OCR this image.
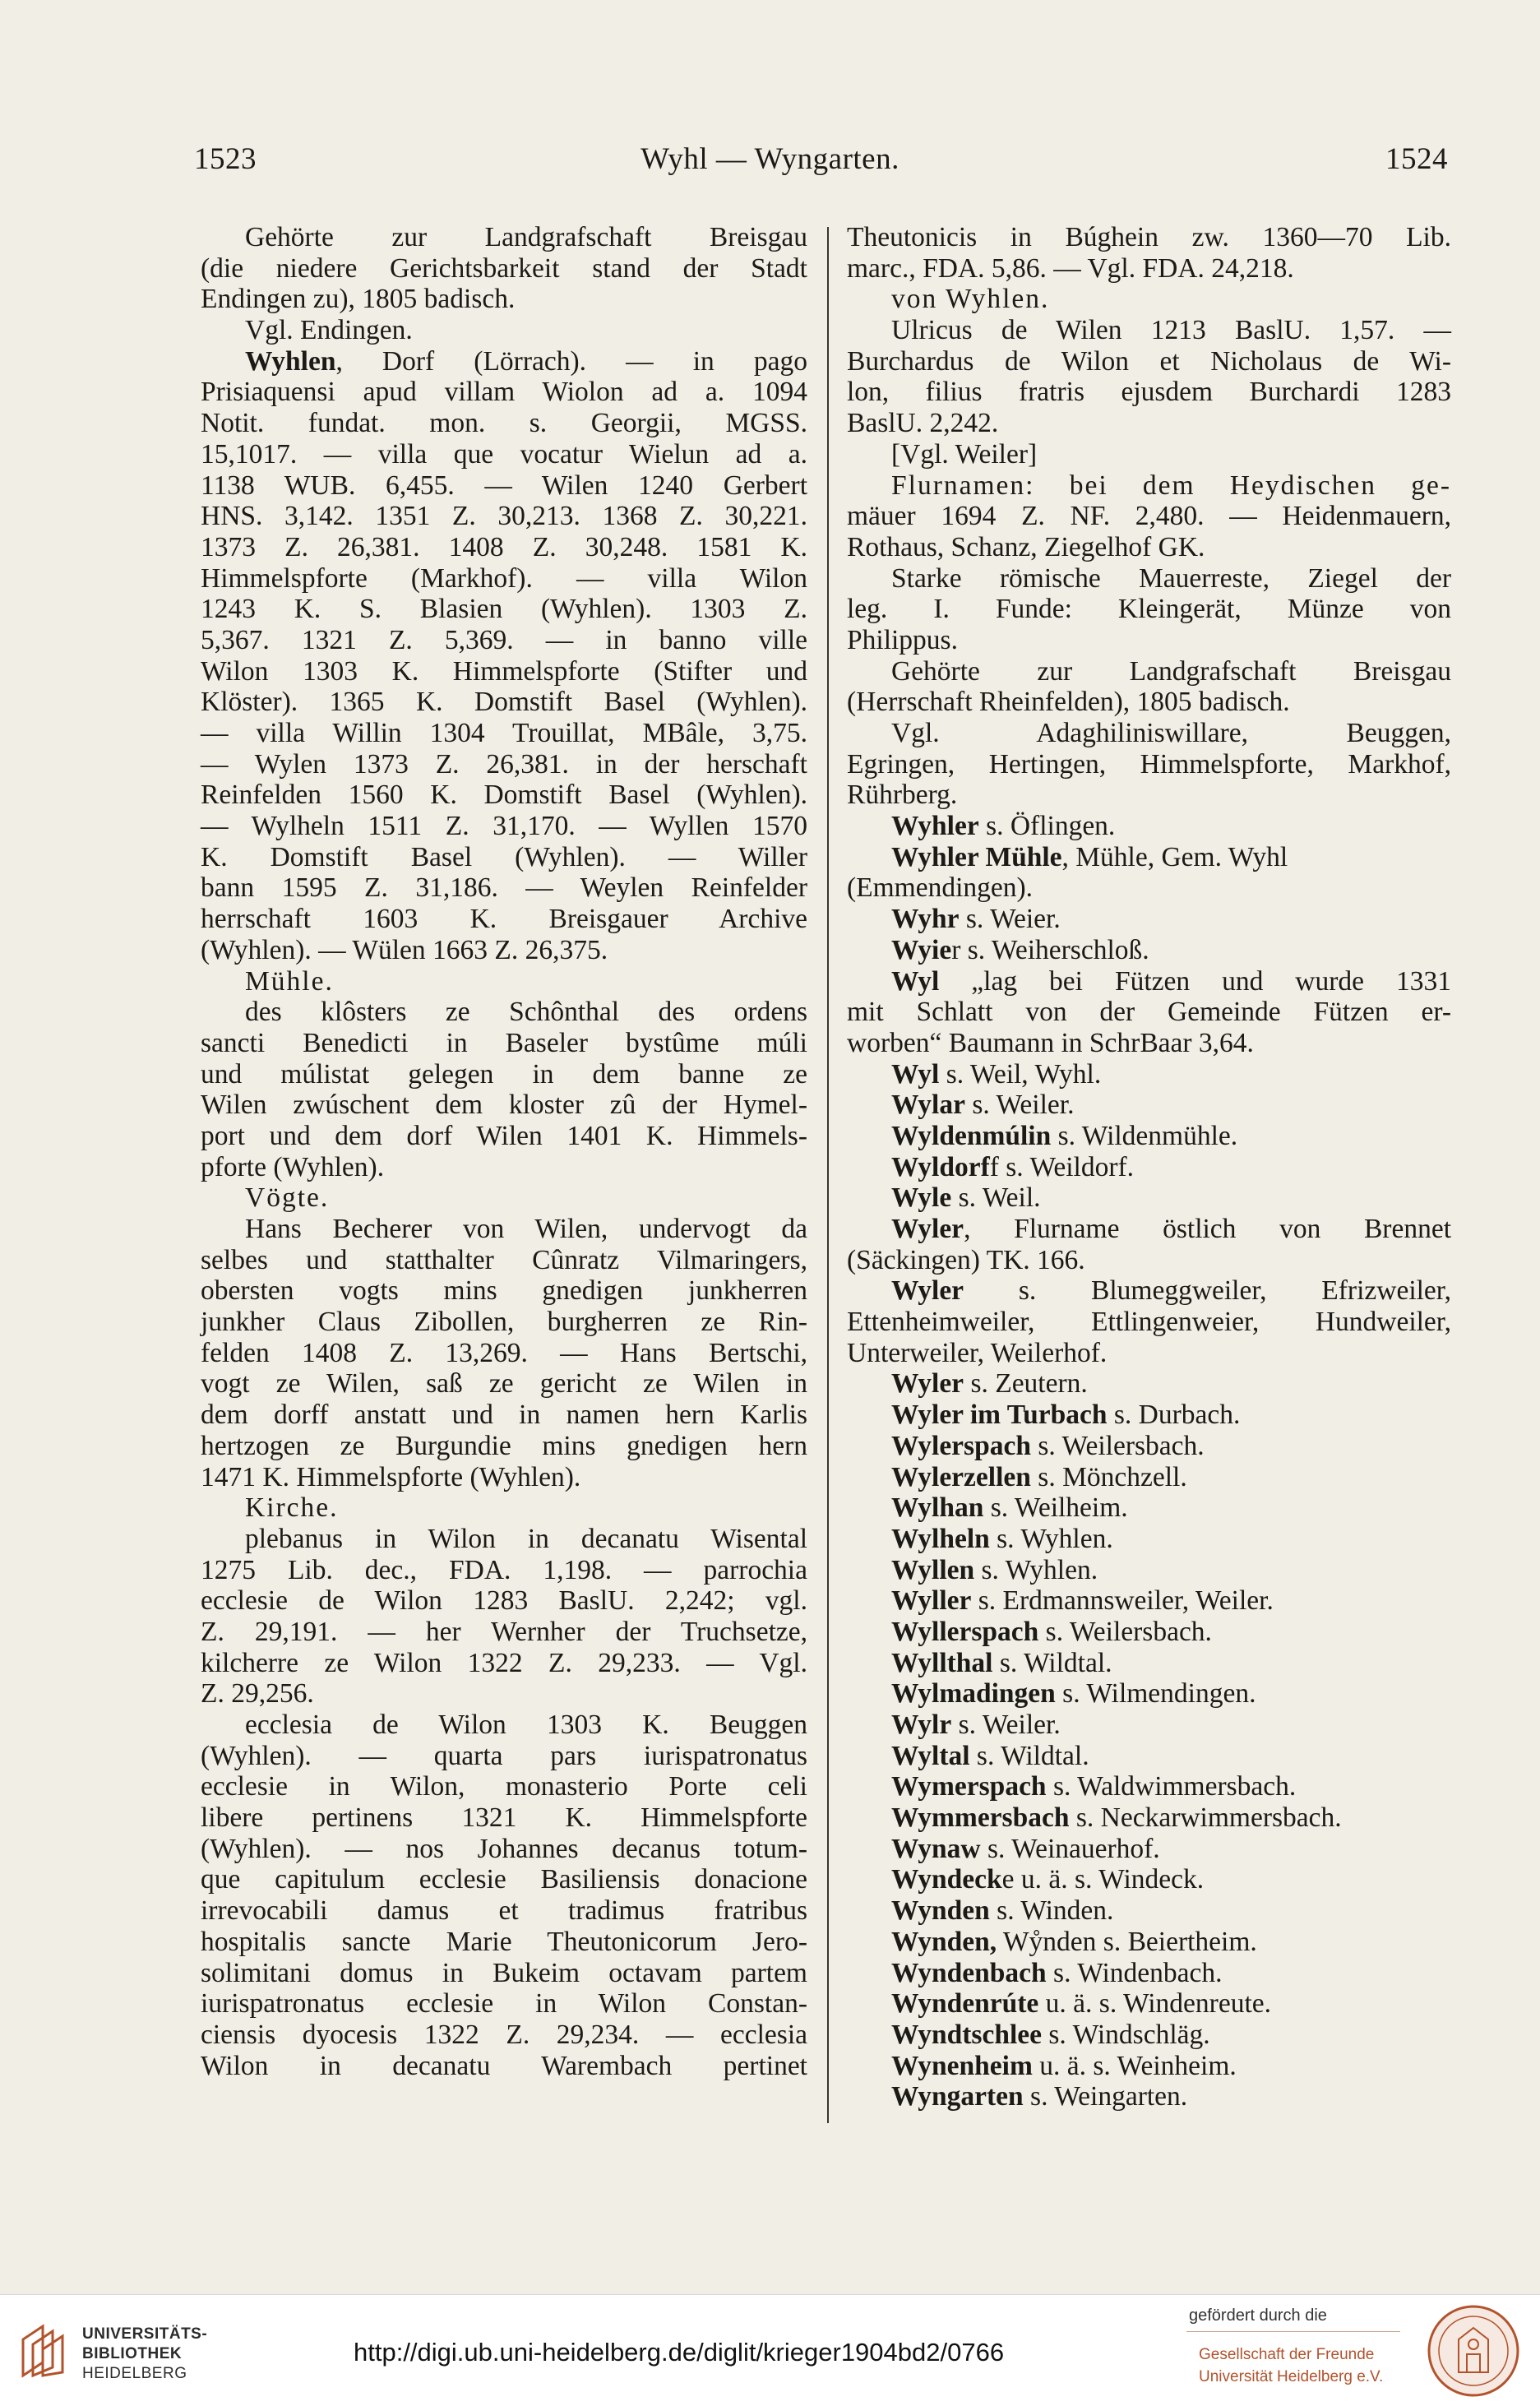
1523	Wyhl — Wyngarten.	1524
Gehörte zur Landgrafschaft Breisgau
(die niedere Gerichtsbarkeit stand der Stadt
Endingen zu), 1805 badisch.
Vgl. Endingen.
Wyhlen, Dorf (Lörrach). — in pago
Prisiaquensi apud villam Wiolon ad a. 1094
Notit. fundat. mon. s. Georgii, MGSS.
15,1017. — villa que vocatur Wielun ad a.
1138 WUB. 6,455. — Wilen 1240 Gerbert
HNS. 3,142. 1351 Z. 30,213. 1368 Z. 30,221.
1373 Z. 26,381. 1408 Z. 30,248. 1581 K.
Himmelspforte (Markhof). — villa Wilon
1243 K. S. Blasien (Wyhlen). 1303 Z.
5,367. 1321 Z. 5,369. — in banno ville
Wilon 1303 K. Himmelspforte (Stifter und
Klöster). 1365 K. Domstift Basel (Wyhlen).
— villa Willin 1304 Trouillat, MBâle, 3,75.
— Wylen 1373 Z. 26,381. in der herschaft
Reinfelden 1560 K. Domstift Basel (Wyhlen).
— Wylheln 1511 Z. 31,170. — Wyllen 1570
K. Domstift Basel (Wyhlen). — Willer
bann 1595 Z. 31,186. — Weylen Reinfelder
herrschaft 1603 K. Breisgauer Archive
(Wyhlen). — Wülen 1663 Z. 26,375.
Mühle.
des klôsters ze Schônthal des ordens
sancti Benedicti in Baseler bystûme múli
und múlistat gelegen in dem banne ze
Wilen zwúschent dem kloster zû der Hymel-
port und dem dorf Wilen 1401 K. Himmels-
pforte (Wyhlen).
Vögte.
Hans Becherer von Wilen, undervogt da
selbes und statthalter Cûnratz Vilmaringers,
obersten vogts mins gnedigen junkherren
junkher Claus Zibollen, burgherren ze Rin-
felden 1408 Z. 13,269. — Hans Bertschi,
vogt ze Wilen, saß ze gericht ze Wilen in
dem dorff anstatt und in namen hern Karlis
hertzogen ze Burgundie mins gnedigen hern
1471 K. Himmelspforte (Wyhlen).
Kirche.
plebanus in Wilon in decanatu Wisental
1275 Lib. dec., FDA. 1,198. — parrochia
ecclesie de Wilon 1283 BaslU. 2,242; vgl.
Z. 29,191. — her Wernher der Truchsetze,
kilcherre ze Wilon 1322 Z. 29,233. — Vgl.
Z. 29,256.
ecclesia de Wilon 1303 K. Beuggen
(Wyhlen). — quarta pars iurispatronatus
ecclesie in Wilon, monasterio Porte celi
libere pertinens 1321 K. Himmelspforte
(Wyhlen). — nos Johannes decanus totum-
que capitulum ecclesie Basiliensis donacione
irrevocabili damus et tradimus fratribus
hospitalis sancte Marie Theutonicorum Jero-
solimitani domus in Bukeim octavam partem
iurispatronatus ecclesie in Wilon Constan-
ciensis dyocesis 1322 Z. 29,234. — ecclesia
Wilon in decanatu Warembach pertinet
Theutonicis in Búghein zw. 1360—70 Lib.
marc., FDA. 5,86. — Vgl. FDA. 24,218.
von Wyhlen.
Ulricus de Wilen 1213 BaslU. 1,57. —
Burchardus de Wilon et Nicholaus de Wi-
lon, filius fratris ejusdem Burchardi 1283
BaslU. 2,242.
[Vgl. Weiler]
Flurnamen: bei dem Heydischen ge-
mäuer 1694 Z. NF. 2,480. — Heidenmauern,
Rothaus, Schanz, Ziegelhof GK.
Starke römische Mauerreste, Ziegel der
leg. I. Funde: Kleingerät, Münze von
Philippus.
Gehörte zur Landgrafschaft Breisgau
(Herrschaft Rheinfelden), 1805 badisch.
Vgl. Adaghiliniswillare, Beuggen,
Egringen, Hertingen, Himmelspforte, Markhof,
Rührberg.
Wyhler s. Öflingen.
Wyhler Mühle, Mühle, Gem. Wyhl
(Emmendingen).
Wyhr s. Weier.
Wyier s. Weiherschloß.
Wyl „lag bei Fützen und wurde 1331
mit Schlatt von der Gemeinde Fützen er-
worben“ Baumann in SchrBaar 3,64.
Wyl s. Weil, Wyhl.
Wylar s. Weiler.
Wyldenmúlin s. Wildenmühle.
Wyldorff s. Weildorf.
Wyle s. Weil.
Wyler, Flurname östlich von Brennet
(Säckingen) TK. 166.
Wyler s. Blumeggweiler, Efrizweiler,
Ettenheimweiler, Ettlingenweier, Hundweiler,
Unterweiler, Weilerhof.
Wyler s. Zeutern.
Wyler im Turbach s. Durbach.
Wylerspach s. Weilersbach.
Wylerzellen s. Mönchzell.
Wylhan s. Weilheim.
Wylheln s. Wyhlen.
Wyllen s. Wyhlen.
Wyller s. Erdmannsweiler, Weiler.
Wyllerspach s. Weilersbach.
Wyllthal s. Wildtal.
Wylmadingen s. Wilmendingen.
Wylr s. Weiler.
Wyltal s. Wildtal.
Wymerspach s. Waldwimmersbach.
Wymmersbach s. Neckarwimmersbach.
Wynaw s. Weinauerhof.
Wyndecke u. ä. s. Windeck.
Wynden s. Winden.
Wynden, Wẙnden s. Beiertheim.
Wyndenbach s. Windenbach.
Wyndenrúte u. ä. s. Windenreute.
Wyndtschlee s. Windschläg.
Wynenheim u. ä. s. Weinheim.
Wyngarten s. Weingarten.
UNIVERSITÄTS-
BIBLIOTHEK
HEIDELBERG
http://digi.ub.uni-heidelberg.de/diglit/krieger1904bd2/0766
gefördert durch die
Gesellschaft der Freunde
Universität Heidelberg e.V.
